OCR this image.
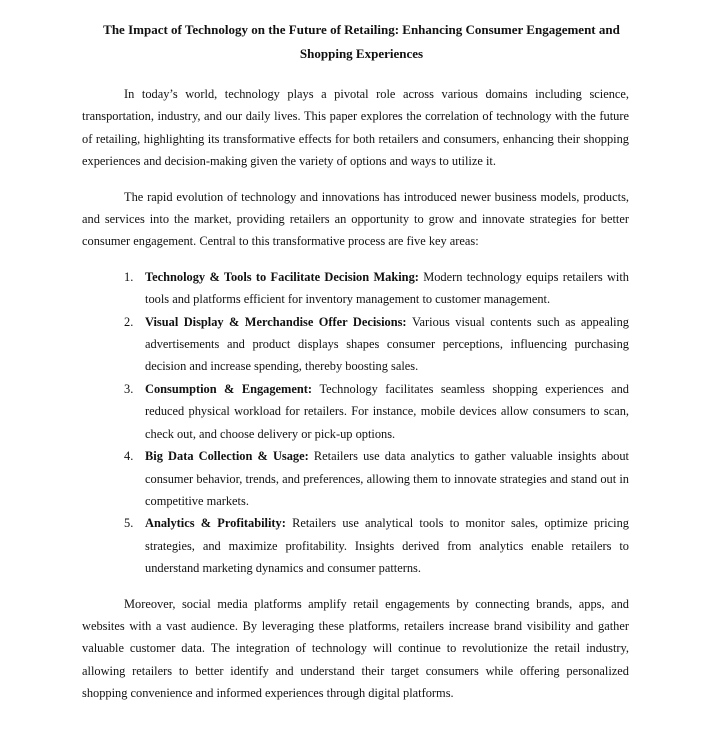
The Impact of Technology on the Future of Retailing: Enhancing Consumer Engagement and Shopping Experiences

In today’s world, technology plays a pivotal role across various domains including science, transportation, industry, and our daily lives. This paper explores the correlation of technology with the future of retailing, highlighting its transformative effects for both retailers and consumers, enhancing their shopping experiences and decision-making given the variety of options and ways to utilize it.

The rapid evolution of technology and innovations has introduced newer business models, products, and services into the market, providing retailers an opportunity to grow and innovate strategies for better consumer engagement. Central to this transformative process are five key areas:

1. Technology & Tools to Facilitate Decision Making: Modern technology equips retailers with tools and platforms efficient for inventory management to customer management.
2. Visual Display & Merchandise Offer Decisions: Various visual contents such as appealing advertisements and product displays shapes consumer perceptions, influencing purchasing decision and increase spending, thereby boosting sales.
3. Consumption & Engagement: Technology facilitates seamless shopping experiences and reduced physical workload for retailers. For instance, mobile devices allow consumers to scan, check out, and choose delivery or pick-up options.
4. Big Data Collection & Usage: Retailers use data analytics to gather valuable insights about consumer behavior, trends, and preferences, allowing them to innovate strategies and stand out in competitive markets.
5. Analytics & Profitability: Retailers use analytical tools to monitor sales, optimize pricing strategies, and maximize profitability. Insights derived from analytics enable retailers to understand marketing dynamics and consumer patterns.

Moreover, social media platforms amplify retail engagements by connecting brands, apps, and websites with a vast audience. By leveraging these platforms, retailers increase brand visibility and gather valuable customer data. The integration of technology will continue to revolutionize the retail industry, allowing retailers to better identify and understand their target consumers while offering personalized shopping convenience and informed experiences through digital platforms.
